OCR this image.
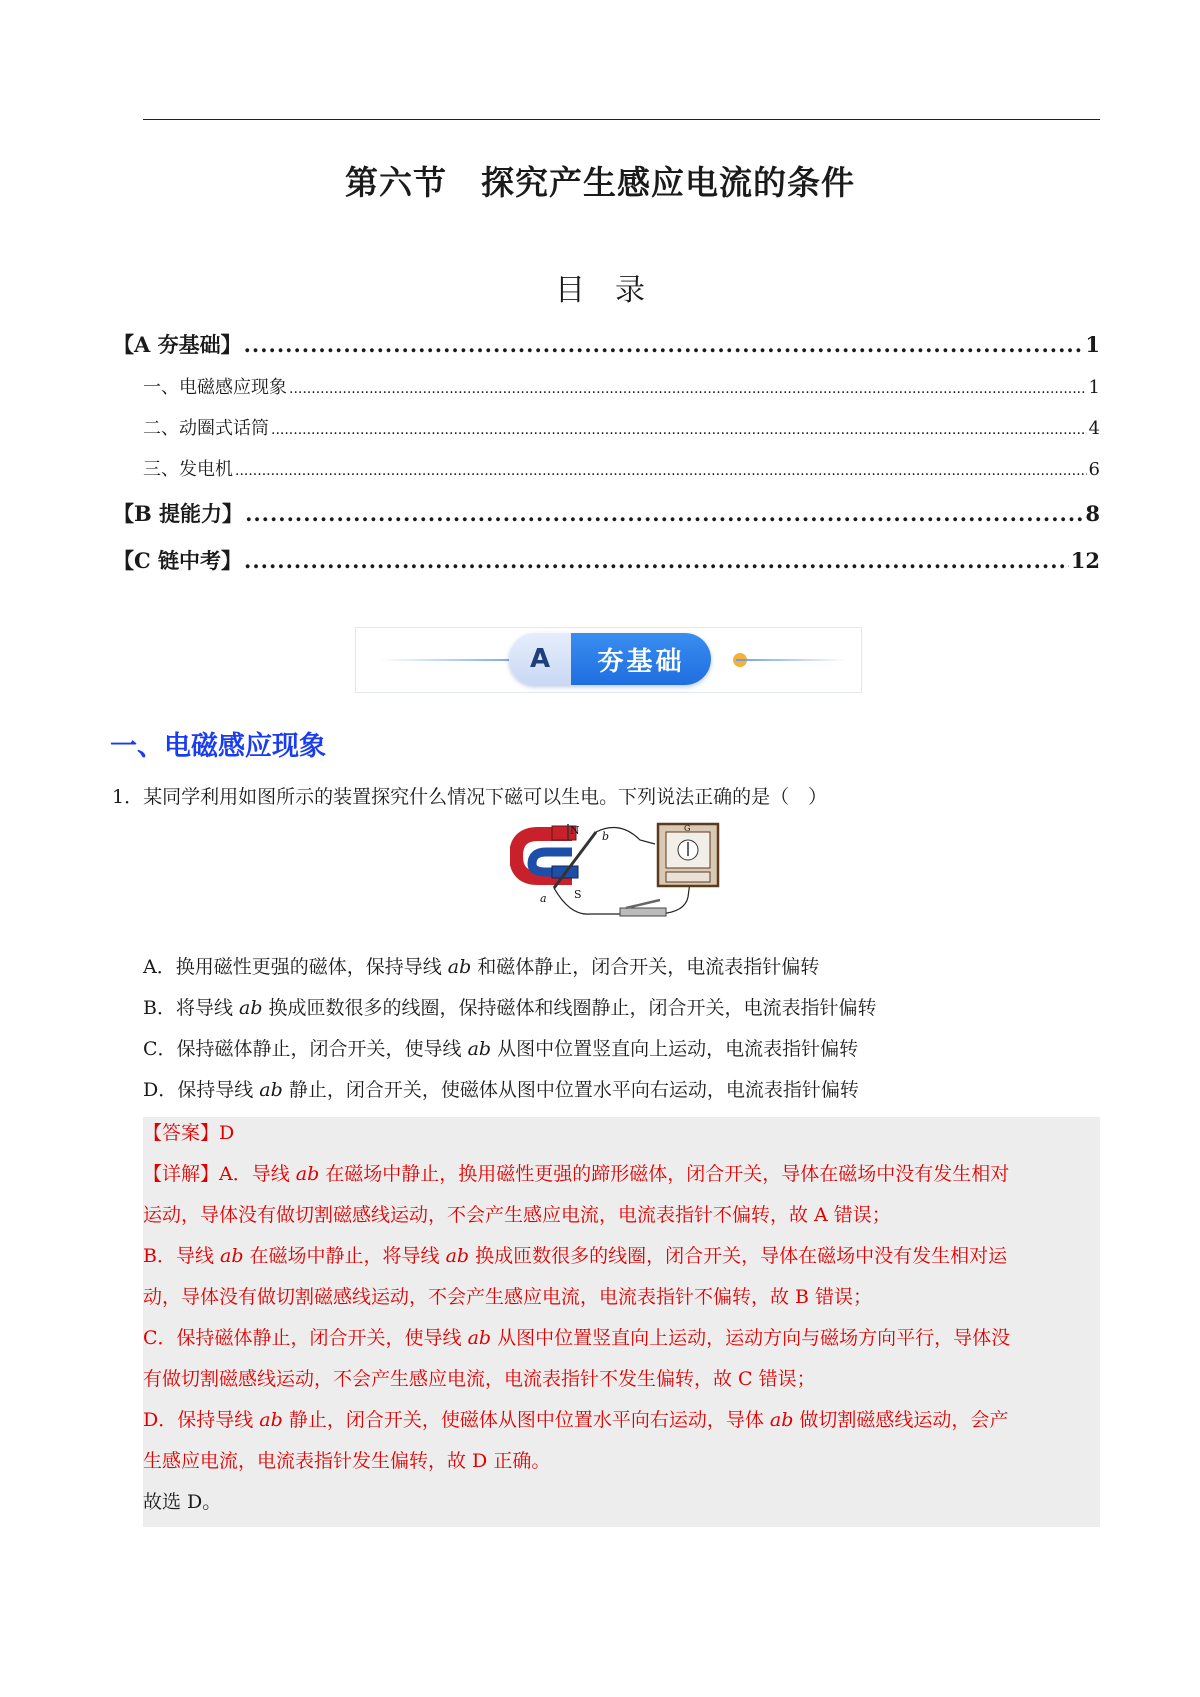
第六节　探究产生感应电流的条件
目　录
【A 夯基础】 .....	1
一、电磁感应现象 .....	1
二、动圈式话筒 .....	4
三、发电机 .....	6
【B 提能力】 .....	8
【C 链中考】 .....	12
A	夯基础
一、电磁感应现象
1．某同学利用如图所示的装置探究什么情况下磁可以生电。下列说法正确的是（　）
N b
S
a
G
A．换用磁性更强的磁体，保持导线 ab 和磁体静止，闭合开关，电流表指针偏转
B．将导线 ab 换成匝数很多的线圈，保持磁体和线圈静止，闭合开关，电流表指针偏转
C．保持磁体静止，闭合开关，使导线 ab 从图中位置竖直向上运动，电流表指针偏转
D．保持导线 ab 静止，闭合开关，使磁体从图中位置水平向右运动，电流表指针偏转
【答案】D
【详解】A．导线 ab 在磁场中静止，换用磁性更强的蹄形磁体，闭合开关，导体在磁场中没有发生相对
运动，导体没有做切割磁感线运动，不会产生感应电流，电流表指针不偏转，故 A 错误；
B．导线 ab 在磁场中静止，将导线 ab 换成匝数很多的线圈，闭合开关，导体在磁场中没有发生相对运
动，导体没有做切割磁感线运动，不会产生感应电流，电流表指针不偏转，故 B 错误；
C．保持磁体静止，闭合开关，使导线 ab 从图中位置竖直向上运动，运动方向与磁场方向平行，导体没
有做切割磁感线运动，不会产生感应电流，电流表指针不发生偏转，故 C 错误；
D．保持导线 ab 静止，闭合开关，使磁体从图中位置水平向右运动，导体 ab 做切割磁感线运动，会产
生感应电流，电流表指针发生偏转，故 D 正确。
故选 D。
